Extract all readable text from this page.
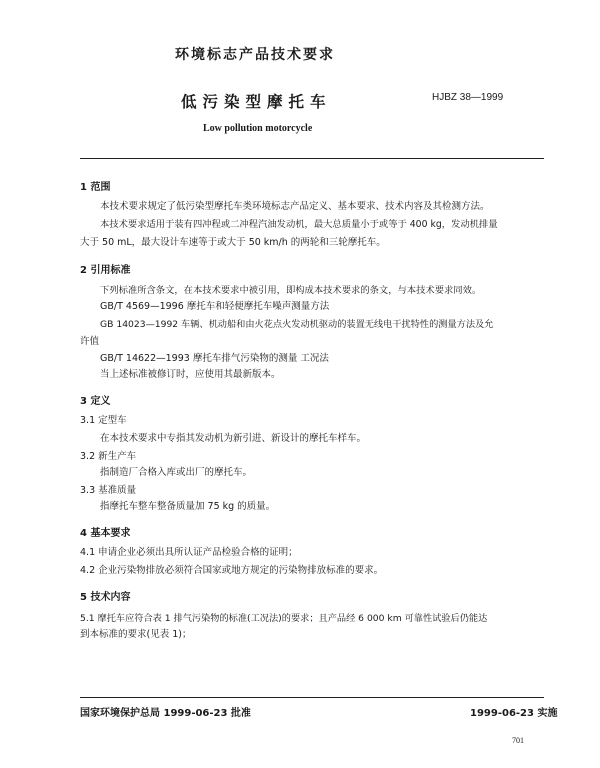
环境标志产品技术要求
低污染型摩托车	HJBZ 38—1999
Low pollution motorcycle
1 范围
本技术要求规定了低污染型摩托车类环境标志产品定义、基本要求、技术内容及其检测方法。
本技术要求适用于装有四冲程或二冲程汽油发动机，最大总质量小于或等于 400 kg，发动机排量
大于 50 mL，最大设计车速等于或大于 50 km/h 的两轮和三轮摩托车。
2 引用标准
下列标准所含条文，在本技术要求中被引用，即构成本技术要求的条文，与本技术要求同效。
GB/T 4569—1996 摩托车和轻便摩托车噪声测量方法
GB 14023—1992 车辆、机动船和由火花点火发动机驱动的装置无线电干扰特性的测量方法及允
许值
GB/T 14622—1993 摩托车排气污染物的测量 工况法
当上述标准被修订时，应使用其最新版本。
3 定义
3.1 定型车
在本技术要求中专指其发动机为新引进、新设计的摩托车样车。
3.2 新生产车
指制造厂合格入库或出厂的摩托车。
3.3 基准质量
指摩托车整车整备质量加 75 kg 的质量。
4 基本要求
4.1 申请企业必须出具所认证产品检验合格的证明；
4.2 企业污染物排放必须符合国家或地方规定的污染物排放标准的要求。
5 技术内容
5.1 摩托车应符合表 1 排气污染物的标准(工况法)的要求；且产品经 6 000 km 可靠性试验后仍能达
到本标准的要求(见表 1)；
国家环境保护总局 1999-06-23 批准	1999-06-23 实施
701
